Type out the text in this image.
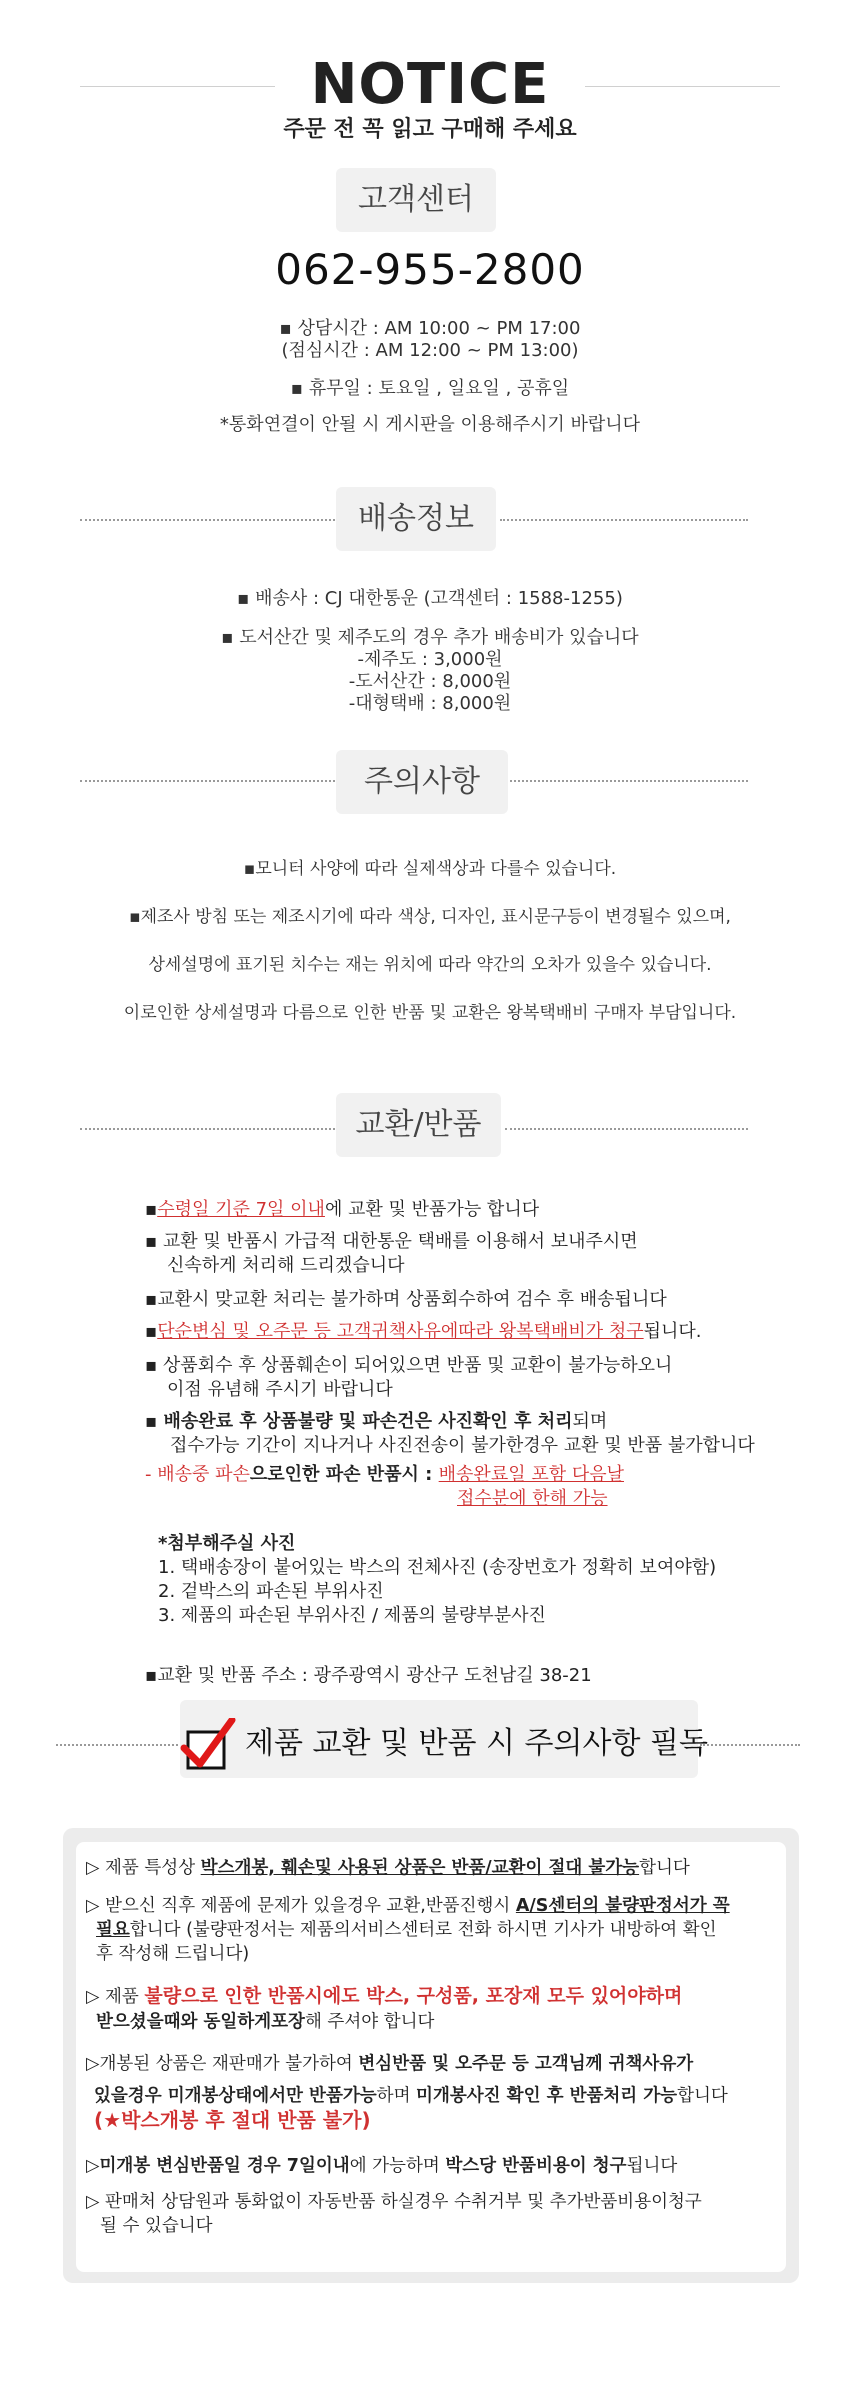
NOTICE
주문 전 꼭 읽고 구매해 주세요
고객센터
062-955-2800
▪ 상담시간 : AM 10:00 ~ PM 17:00
(점심시간 : AM 12:00 ~ PM 13:00)
▪ 휴무일 : 토요일 , 일요일 , 공휴일
*통화연결이 안될 시 게시판을 이용해주시기 바랍니다
배송정보
▪ 배송사 : CJ 대한통운 (고객센터 : 1588-1255)
▪ 도서산간 및 제주도의 경우 추가 배송비가 있습니다
-제주도 : 3,000원
-도서산간 : 8,000원
-대형택배 : 8,000원
주의사항
▪모니터 사양에 따라 실제색상과 다를수 있습니다.
▪제조사 방침 또는 제조시기에 따라 색상, 디자인, 표시문구등이 변경될수 있으며,
상세설명에 표기된 치수는 재는 위치에 따라 약간의 오차가 있을수 있습니다.
이로인한 상세설명과 다름으로 인한 반품 및 교환은 왕복택배비 구매자 부담입니다.
교환/반품
▪수령일 기준 7일 이내에 교환 및 반품가능 합니다
▪ 교환 및 반품시 가급적 대한통운 택배를 이용해서 보내주시면
신속하게 처리해 드리겠습니다
▪교환시 맞교환 처리는 불가하며 상품회수하여 검수 후 배송됩니다
▪단순변심 및 오주문 등 고객귀책사유에따라 왕복택배비가 청구됩니다.
▪ 상품회수 후 상품훼손이 되어있으면 반품 및 교환이 불가능하오니
이점 유념해 주시기 바랍니다
▪ 배송완료 후 상품불량 및 파손건은 사진확인 후 처리되며
접수가능 기간이 지나거나 사진전송이 불가한경우 교환 및 반품 불가합니다
- 배송중 파손으로인한 파손 반품시 : 배송완료일 포함 다음날
접수분에 한해 가능
*첨부해주실 사진
1. 택배송장이 붙어있는 박스의 전체사진 (송장번호가 정확히 보여야함)
2. 겉박스의 파손된 부위사진
3. 제품의 파손된 부위사진 / 제품의 불량부분사진
▪교환 및 반품 주소 : 광주광역시 광산구 도천남길 38-21
제품 교환 및 반품 시 주의사항 필독
▷ 제품 특성상 박스개봉, 훼손및 사용된 상품은 반품/교환이 절대 불가능합니다
▷ 받으신 직후 제품에 문제가 있을경우 교환,반품진행시 A/S센터의 불량판정서가 꼭
필요합니다 (불량판정서는 제품의서비스센터로 전화 하시면 기사가 내방하여 확인
후 작성해 드립니다)
▷ 제품 불량으로 인한 반품시에도 박스, 구성품, 포장재 모두 있어야하며
받으셨을때와 동일하게포장해 주셔야 합니다
▷개봉된 상품은 재판매가 불가하여 변심반품 및 오주문 등 고객님께 귀책사유가
있을경우 미개봉상태에서만 반품가능하며 미개봉사진 확인 후 반품처리 가능합니다
(★박스개봉 후 절대 반품 불가)
▷미개봉 변심반품일 경우 7일이내에 가능하며 박스당 반품비용이 청구됩니다
▷ 판매처 상담원과 통화없이 자동반품 하실경우 수취거부 및 추가반품비용이청구
될 수 있습니다
